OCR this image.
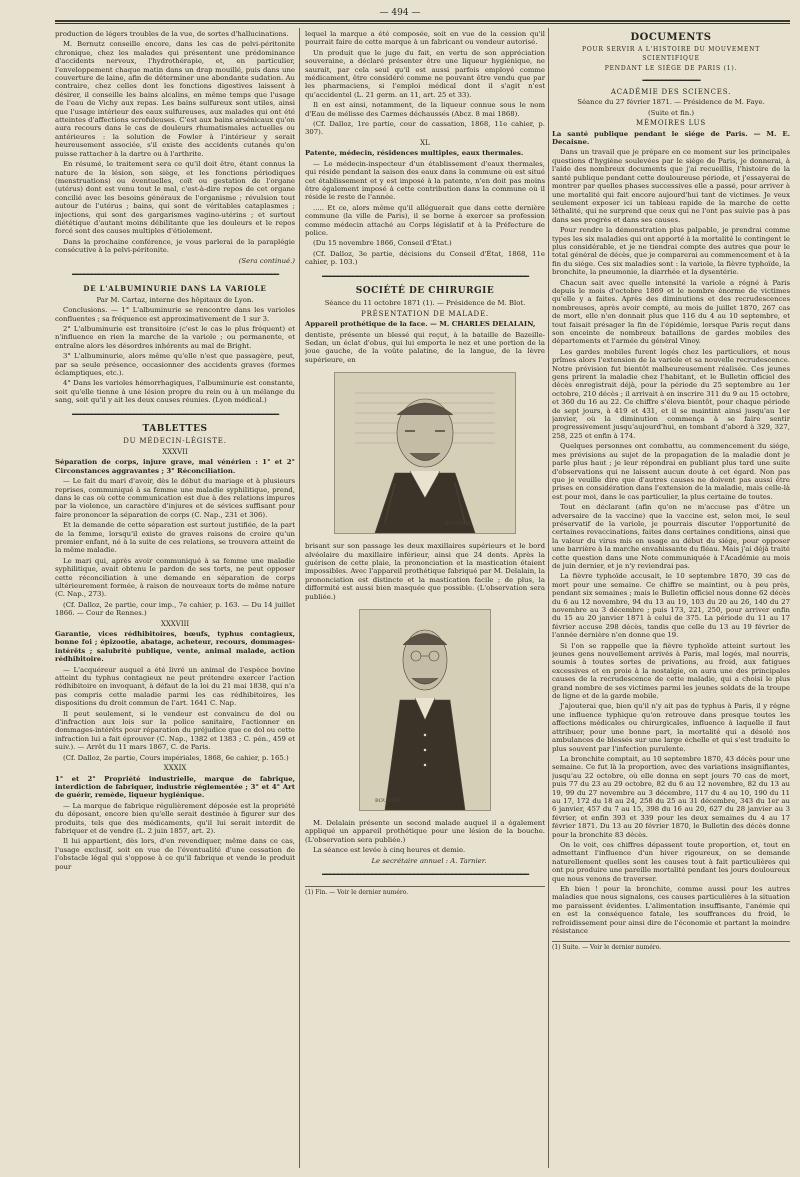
— 494 —

production de légers troubles de la vue, de sortes d'hallucinations.

M. Bernutz conseille encore, dans les cas de pelvi-péritonite chronique, chez les malades qui présentent une prédominance d'accidents nerveux, l'hydrothérapie, et, en particulier, l'enveloppement chaque matin dans un drap mouillé, puis dans une couverture de laine, afin de déterminer une abondante sudation. Au contraire, chez celles dont les fonctions digestives laissent à désirer, il conseille les bains alcalins, en même temps que l'usage de l'eau de Vichy aux repas. Les bains sulfureux sont utiles, ainsi que l'usage intérieur des eaux sulfureuses, aux malades qui ont été atteintes d'affections scrofuleuses. C'est aux bains arsénicaux qu'on aura recours dans le cas de douleurs rhumatismales actuelles ou antérieures : la solution de Fowler à l'intérieur y serait heureusement associée, s'il existe des accidents cutanés qu'on puisse rattacher à la dartre ou à l'arthrite.

En résumé, le traitement sera ce qu'il doit être, étant connus la nature de la lésion, son siège, et les fonctions périodiques (menstruations) ou éventuelles, coït ou gestation de l'organe (utérus) dont est venu tout le mal, c'est-à-dire repos de cet organe concilié avec les besoins généraux de l'organisme ; révulsion tout autour de l'utérus ; bains, qui sont de véritables cataplasmes ; injections, qui sont des gargarismes vagino-utérins ; et surtout diététique d'autant moins débilitante que les douleurs et le repos forcé sont des causes multiples d'étiolement.

Dans la prochaine conférence, je vous parlerai de la paraplégie consécutive à la pelvi-péritonite.

(Sera continué.)

━━━━━━━━━━━━━━━━━━━━━━━━━━━━━━━━━━━━━━━━━━━━━━━━━━━━━━
DE L'ALBUMINURIE DANS LA VARIOLE

Par M. Cartaz, interne des hôpitaux de Lyon.

Conclusions. — 1° L'albuminurie se rencontre dans les varioles confluentes ; sa fréquence est approximativement de 1 sur 3.

2° L'albuminurie est transitoire (c'est le cas le plus fréquent) et n'influence en rien la marche de la variole ; ou permanente, et entraîne alors les désordres inhérents au mal de Bright.

3° L'albuminurie, alors même qu'elle n'est que passagère, peut, par sa seule présence, occasionner des accidents graves (formes éclamptiques, etc.).

4° Dans les varioles hémorrhagiques, l'albuminurie est constante, soit qu'elle tienne à une lésion propre du rein ou à un mélange du sang, soit qu'il y ait les deux causes réunies. (Lyon médical.)

━━━━━━━━━━━━━━━━━━━━━━━━━━━━━━━━━━━━━━━━━━━━━━━━━━━━━━
TABLETTES
DU MÉDECIN-LÉGISTE.
XXXVII

Séparation de corps, injure grave, mal vénérien : 1° et 2° Circonstances aggravantes ; 3° Réconciliation.

— Le fait du mari d'avoir, dès le début du mariage et à plusieurs reprises, communiqué à sa femme une maladie syphilitique, prend, dans le cas où cette communication est due à des relations impures par la violence, un caractère d'injures et de sévices suffisant pour faire prononcer la séparation de corps (C. Nap., 231 et 306).

Et la demande de cette séparation est surtout justifiée, de la part de la femme, lorsqu'il existe de graves raisons de croire qu'un premier enfant, né à la suite de ces relations, se trouvera atteint de la même maladie.

Le mari qui, après avoir communiqué à sa femme une maladie syphilitique, avait obtenu le pardon de ses torts, ne peut opposer cette réconciliation à une demande en séparation de corps ultérieurement formée, à raison de nouveaux torts de même nature (C. Nap., 273).

(Cf. Dalloz, 2e partie, cour imp., 7e cahier, p. 163. — Du 14 juillet 1866. — Cour de Rennes.)

XXXVIII

Garantie, vices rédhibitoires, bœufs, typhus contagieux, bonne foi ; épizootie, abatage, acheteur, recours, dommages-intérêts ; salubrité publique, vente, animal malade, action rédhibitoire.

— L'acquéreur auquel a été livré un animal de l'espèce bovine atteint du typhus contagieux ne peut prétendre exercer l'action rédhibitoire en invoquant, à défaut de la loi du 21 mai 1838, qui n'a pas compris cette maladie parmi les cas rédhibitoires, les dispositions du droit commun de l'art. 1641 C. Nap.

Il peut seulement, si le vendeur est convaincu de dol ou d'infraction aux lois sur la police sanitaire, l'actionner en dommages-intérêts pour réparation du préjudice que ce dol ou cette infraction lui a fait éprouver (C. Nap., 1382 et 1383 ; C. pén., 459 et suiv.). — Arrêt du 11 mars 1867, C. de Paris.

(Cf. Dalloz, 2e partie, Cours impériales, 1868, 6e cahier, p. 165.)

XXXIX

1° et 2° Propriété industrielle, marque de fabrique, interdiction de fabriquer, industrie réglementée ; 3° et 4° Art de guérir, remède, liqueur hygiénique.

— La marque de fabrique régulièrement déposée est la propriété du déposant, encore bien qu'elle serait destinée à figurer sur des produits, tels que des médicaments, qu'il lui serait interdit de fabriquer et de vendre (L. 2 juin 1857, art. 2).

Il lui appartient, dès lors, d'en revendiquer, même dans ce cas, l'usage exclusif, soit en vue de l'éventualité d'une cessation de l'obstacle légal qui s'oppose à ce qu'il fabrique et vende le produit pour

lequel la marque a été composée, soit en vue de la cession qu'il pourrait faire de cette marque à un fabricant ou vendeur autorisé.

Un produit que le juge du fait, en vertu de son appréciation souveraine, a déclaré présenter être une liqueur hygiénique, ne saurait, par cela seul qu'il est aussi parfois employé comme médicament, être considéré comme ne pouvant être vendu que par les pharmaciens, si l'emploi médical dont il s'agit n'est qu'accidentel (L. 21 germ. an 11, art. 25 et 33).

Il en est ainsi, notamment, de la liqueur connue sous le nom d'Eau de mélisse des Carmes déchaussés (Abcz. 8 mai 1868).

(Cf. Dalloz, 1re partie, cour de cassation, 1868, 11e cahier, p. 307).

XL

Patente, médecin, résidences multiples, eaux thermales.

— Le médecin-inspecteur d'un établissement d'eaux thermales, qui réside pendant la saison des eaux dans la commune où est situé cet établissement et y est imposé à la patente, n'en doit pas moins être également imposé à cette contribution dans la commune où il réside le reste de l'année.

..... Et ce, alors même qu'il alléguerait que dans cette dernière commune (la ville de Paris), il se borne à exercer sa profession comme médecin attaché au Corps législatif et à la Préfecture de police.

(Du 15 novembre 1866, Conseil d'État.)

(Cf. Dalloz, 3e partie, décisions du Conseil d'État, 1868, 11e cahier, p. 103.)

━━━━━━━━━━━━━━━━━━━━━━━━━━━━━━━━━━━━━━━━━━━━━━━━━━━━━━
SOCIÉTÉ DE CHIRURGIE

Séance du 11 octobre 1871 (1). — Présidence de M. Blot.

PRÉSENTATION DE MALADE.

Appareil prothétique de la face. — M. CHARLES DELALAIN,

dentiste, présente un blessé qui reçut, à la bataille de Bazeille-Sedan, un éclat d'obus, qui lui emporta le nez et une portion de la joue gauche, de la voûte palatine, de la langue, de la lèvre supérieure, en

BOUDIER

brisant sur son passage les deux maxillaires supérieurs et le bord alvéolaire du maxillaire inférieur, ainsi que 24 dents. Après la guérison de cette plaie, la prononciation et la mastication étaient impossibles. Avec l'appareil prothétique fabriqué par M. Delalain, la prononciation est distincte et la mastication facile ; de plus, la difformité est aussi bien masquée que possible. (L'observation sera publiée.)

BOUDIER

M. Delalain présente un second malade auquel il a également appliqué un appareil prothétique pour une lésion de la bouche. (L'observation sera publiée.)

La séance est levée à cinq heures et demie.

Le secrétaire annuel : A. Tarnier.

━━━━━━━━━━━━━━━━━━━━━━━━━━━━━━━━━━━━━━━━━━━━━━━━━━━━━━
(1) Fin. — Voir le dernier numéro.
DOCUMENTS
POUR SERVIR A L'HISTOIRE DU MOUVEMENT SCIENTIFIQUE
PENDANT LE SIÉGE DE PARIS (1).
━━━━━━━━━━━━━━━
ACADÉMIE DES SCIENCES.

Séance du 27 février 1871. — Présidence de M. Faye.

(Suite et fin.)

MÉMOIRES LUS

La santé publique pendant le siége de Paris. — M. E. Decaisne.

Dans un travail que je prépare en ce moment sur les principales questions d'hygiène soulevées par le siége de Paris, je donnerai, à l'aide des nombreux documents que j'ai recueillis, l'histoire de la santé publique pendant cette douloureuse période, et j'essayerai de montrer par quelles phases successives elle a passé, pour arriver à une mortalité qui fait encore aujourd'hui tant de victimes. Je veux seulement exposer ici un tableau rapide de la marche de cette léthalité, qui ne surprend que ceux qui ne l'ont pas suivie pas à pas dans ses progrès et dans ses causes.

Pour rendre la démonstration plus palpable, je prendrai comme types les six maladies qui ont apporté à la mortalité le contingent le plus considérable, et je ne tiendrai compte des autres que pour le total général de décès, que je comparerai au commencement et à la fin du siége. Ces six maladies sont : la variole, la fièvre typhoïde, la bronchite, la pneumonie, la diarrhée et la dysentérie.

Chacun sait avec quelle intensité la variole a régné à Paris depuis le mois d'octobre 1869 et le nombre énorme de victimes qu'elle y a faites. Après des diminutions et des recrudescences nombreuses, après avoir compté, au mois de juillet 1870, 267 cas de mort, elle n'en donnait plus que 116 du 4 au 10 septembre, et tout faisait présager la fin de l'épidémie, lorsque Paris reçut dans son enceinte de nombreux bataillons de gardes mobiles des départements et l'armée du général Vinoy.

Les gardes mobiles furent logés chez les particuliers, et nous prîmes alors l'extension de la variole et sa nouvelle recrudescence. Notre prévision fut bientôt malheureusement réalisée. Ces jeunes gens prirent la maladie chez l'habitant, et le Bulletin officiel des décès enregistrait déjà, pour la période du 25 septembre au 1er octobre, 210 décès ; il arrivait à en inscrire 311 du 9 au 15 octobre, et 360 du 16 au 22. Ce chiffre s'éleva bientôt, pour chaque période de sept jours, à 419 et 431, et il se maintint ainsi jusqu'au 1er janvier, où la diminution commença à se faire sentir progressivement jusqu'aujourd'hui, en tombant d'abord à 329, 327, 258, 225 et enfin à 174.

Quelques personnes ont combattu, au commencement du siége, mes prévisions au sujet de la propagation de la maladie dont je parle plus haut ; je leur répondrai en publiant plus tard une suite d'observations qui ne laissent aucun doute à cet égard. Non pas que je veuille dire que d'autres causes ne doivent pas aussi être prises en considération dans l'extension de la maladie, mais celle-là est pour moi, dans le cas particulier, la plus certaine de toutes.

Tout en déclarant (afin qu'on ne m'accuse pas d'être un adversaire de la vaccine) que la vaccine est, selon moi, le seul préservatif de la variole, je pourrais discuter l'opportunité de certaines revaccinations, faites dans certaines conditions, ainsi que la valeur du virus mis en usage au début du siége, pour opposer une barrière à la marche envahissante du fléau. Mais j'ai déjà traité cette question dans une Note communiquée à l'Académie au mois de juin dernier, et je n'y reviendrai pas.

La fièvre typhoïde accusait, le 10 septembre 1870, 39 cas de mort pour une semaine. Ce chiffre se maintint, ou à peu près, pendant six semaines ; mais le Bulletin officiel nous donne 62 décès du 6 au 12 novembre, 94 du 13 au 19, 103 du 20 au 26, 140 du 27 novembre au 3 décembre ; puis 173, 221, 250, pour arriver enfin du 15 au 20 janvier 1871 à celui de 375. La période du 11 au 17 février accuse 298 décès, tandis que celle du 13 au 19 février de l'année dernière n'en donne que 19.

Si l'on se rappelle que la fièvre typhoïde atteint surtout les jeunes gens nouvellement arrivés à Paris, mal logés, mal nourris, soumis à toutes sortes de privations, au froid, aux fatigues excessives et en proie à la nostalgie, on aura une des principales causes de la recrudescence de cette maladie, qui a choisi le plus grand nombre de ses victimes parmi les jeunes soldats de la troupe de ligne et de la garde mobile.

J'ajouterai que, bien qu'il n'y ait pas de typhus à Paris, il y régne une influence typhique qu'on retrouve dans presque toutes les affections médicales ou chirurgicales, influence à laquelle il faut attribuer, pour une bonne part, la mortalité qui a désolé nos ambulances de blessés sur une large échelle et qui s'est traduite le plus souvent par l'infection purulente.

La bronchite comptait, au 10 septembre 1870, 43 décès pour une semaine. Ce fut là la proportion, avec des variations insignifiantes, jusqu'au 22 octobre, où elle donna en sept jours 70 cas de mort, puis 77 du 23 au 29 octobre, 82 du 6 au 12 novembre, 82 du 13 au 19, 99 du 27 novembre au 3 décembre, 117 du 4 au 10, 190 du 11 au 17, 172 du 18 au 24, 258 du 25 au 31 décembre, 343 du 1er au 6 janvier, 457 du 7 au 15, 398 du 16 au 20, 627 du 28 janvier au 3 février, et enfin 393 et 339 pour les deux semaines du 4 au 17 février 1871. Du 13 au 20 février 1870, le Bulletin des décès donne pour la bronchite 83 décès.

On le voit, ces chiffres dépassent toute proportion, et, tout en admettant l'influence d'un hiver rigoureux, on se demande naturellement quelles sont les causes tout à fait particulières qui ont pu produire une pareille mortalité pendant les jours douloureux que nous venons de traverser.

Eh bien ! pour la bronchite, comme aussi pour les autres maladies que nous signalons, ces causes particulières à la situation me paraissent évidentes. L'alimentation insuffisante, l'anémie qui en est la conséquence fatale, les souffrances du froid, le refroidissement pour ainsi dire de l'économie et partant la moindre résistance

(1) Suite. — Voir le dernier numéro.
